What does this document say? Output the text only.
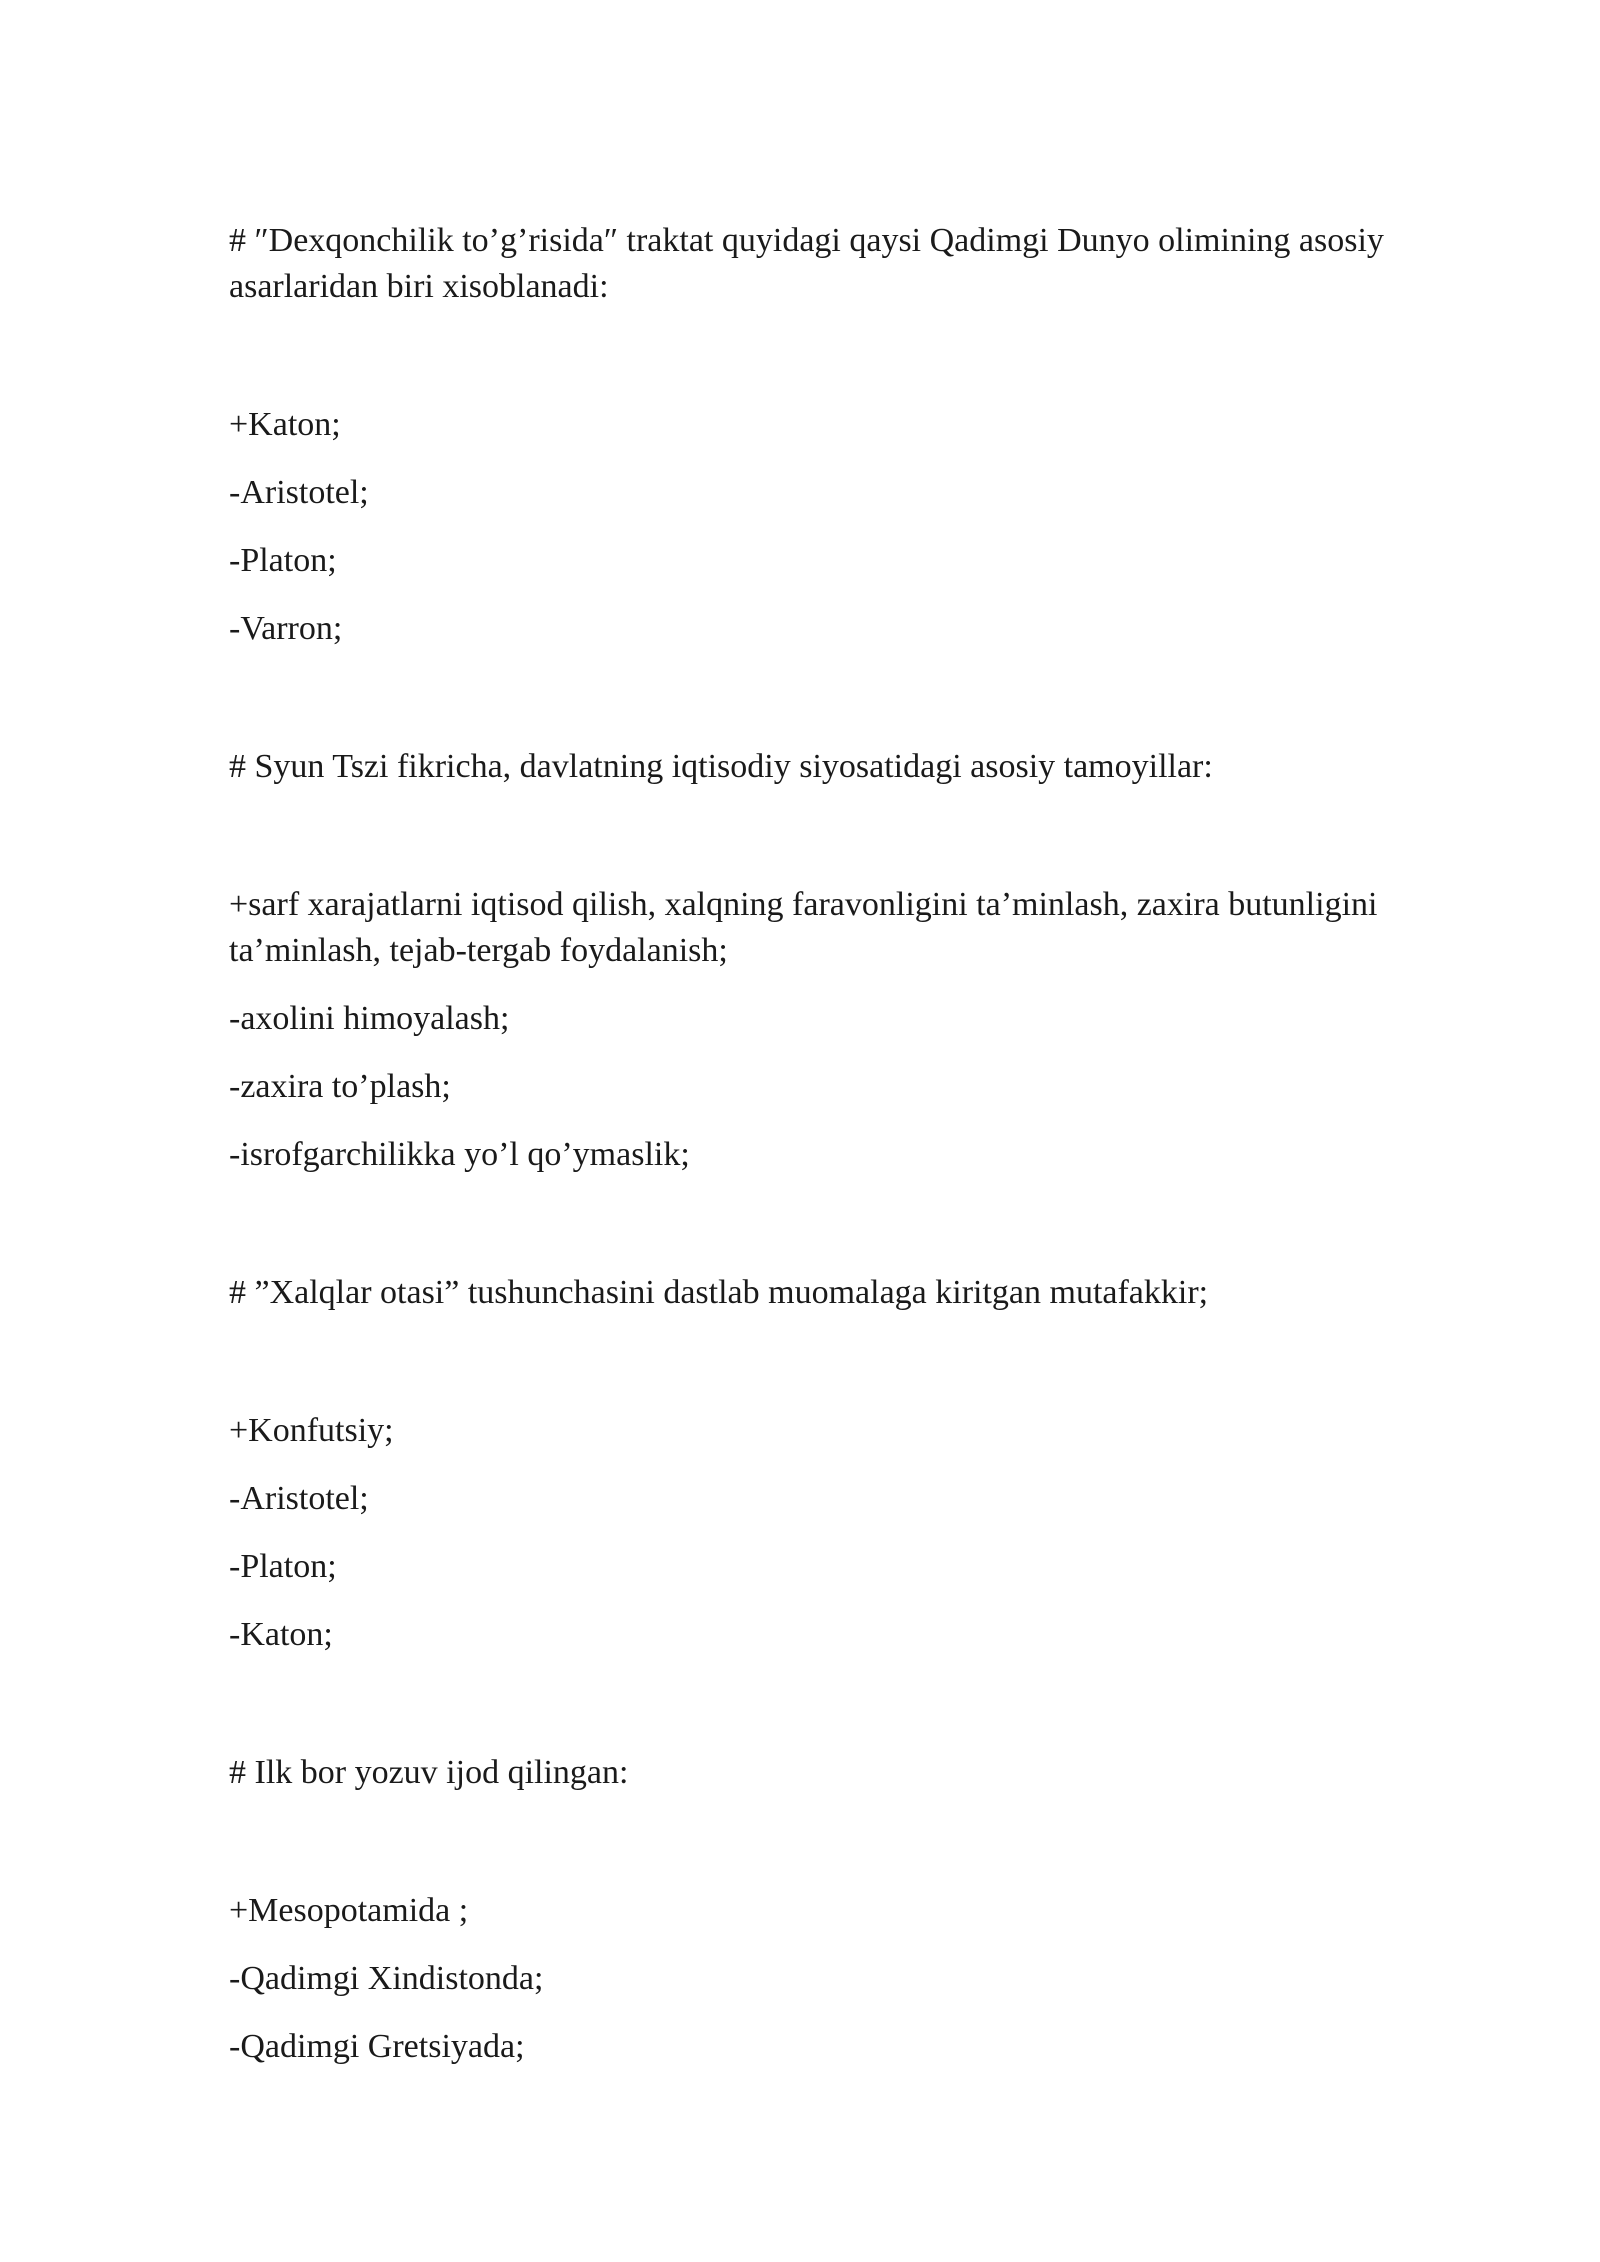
# ″Dexqonchilik to’g’risida″ traktat quyidagi qaysi Qadimgi Dunyo olimining asosiy asarlaridan biri xisoblanadi:

+Katon;
-Aristotel;
-Platon;
-Varron;

# Syun Tszi fikricha, davlatning iqtisodiy siyosatidagi asosiy tamoyillar:

+sarf xarajatlarni iqtisod qilish, xalqning faravonligini ta’minlash, zaxira butunligini ta’minlash, tejab-tergab foydalanish;
-axolini himoyalash;
-zaxira to’plash;
-isrofgarchilikka yo’l qo’ymaslik;

# ”Xalqlar otasi” tushunchasini dastlab muomalaga kiritgan mutafakkir;

+Konfutsiy;
-Aristotel;
-Platon;
-Katon;

# Ilk bor yozuv ijod qilingan:

+Mesopotamida ;
-Qadimgi Xindistonda;
-Qadimgi Gretsiyada;
